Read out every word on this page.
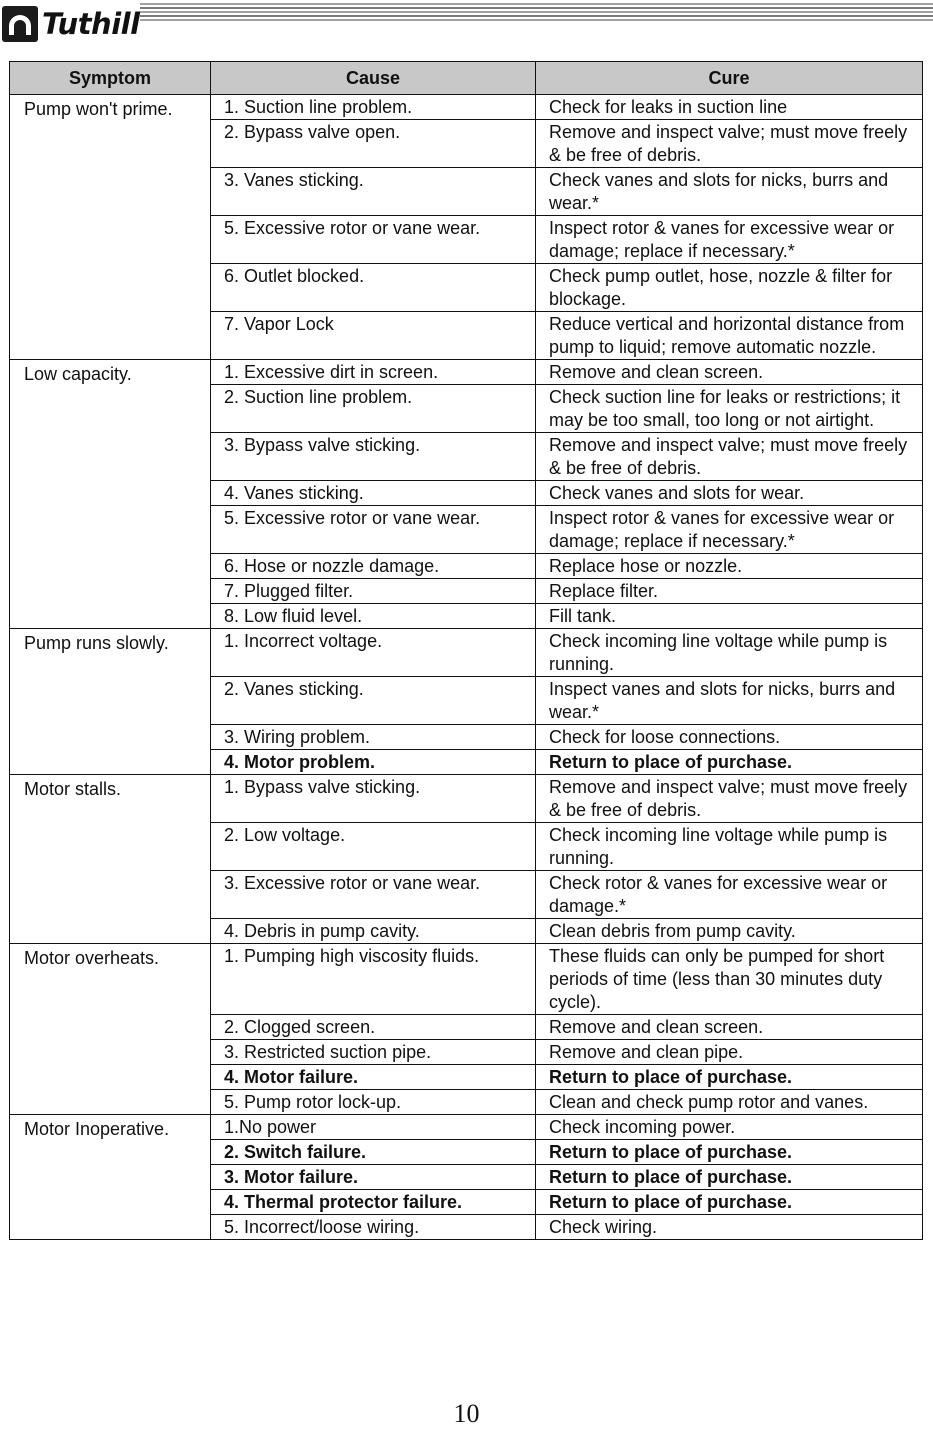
Tuthill
Symptom	Cause	Cure
Pump won't prime.	1. Suction line problem.	Check for leaks in suction line
	2. Bypass valve open.	Remove and inspect valve; must move freely & be free of debris.
	3. Vanes sticking.	Check vanes and slots for nicks, burrs and wear.*
	5. Excessive rotor or vane wear.	Inspect rotor & vanes for excessive wear or damage; replace if necessary.*
	6. Outlet blocked.	Check pump outlet, hose, nozzle & filter for blockage.
	7. Vapor Lock	Reduce vertical and horizontal distance from pump to liquid; remove automatic nozzle.
Low capacity.	1. Excessive dirt in screen.	Remove and clean screen.
	2. Suction line problem.	Check suction line for leaks or restrictions; it may be too small, too long or not airtight.
	3. Bypass valve sticking.	Remove and inspect valve; must move freely & be free of debris.
	4. Vanes sticking.	Check vanes and slots for wear.
	5. Excessive rotor or vane wear.	Inspect rotor & vanes for excessive wear or damage; replace if necessary.*
	6. Hose or nozzle damage.	Replace hose or nozzle.
	7. Plugged filter.	Replace filter.
	8. Low fluid level.	Fill tank.
Pump runs slowly.	1. Incorrect voltage.	Check incoming line voltage while pump is running.
	2. Vanes sticking.	Inspect vanes and slots for nicks, burrs and wear.*
	3. Wiring problem.	Check for loose connections.
	4. Motor problem.	Return to place of purchase.
Motor stalls.	1. Bypass valve sticking.	Remove and inspect valve; must move freely & be free of debris.
	2. Low voltage.	Check incoming line voltage while pump is running.
	3. Excessive rotor or vane wear.	Check rotor & vanes for excessive wear or damage.*
	4. Debris in pump cavity.	Clean debris from pump cavity.
Motor overheats.	1. Pumping high viscosity fluids.	These fluids can only be pumped for short periods of time (less than 30 minutes duty cycle).
	2. Clogged screen.	Remove and clean screen.
	3. Restricted suction pipe.	Remove and clean pipe.
	4. Motor failure.	Return to place of purchase.
	5. Pump rotor lock-up.	Clean and check pump rotor and vanes.
Motor Inoperative.	1.No power	Check incoming power.
	2. Switch failure.	Return to place of purchase.
	3. Motor failure.	Return to place of purchase.
	4. Thermal protector failure.	Return to place of purchase.
	5. Incorrect/loose wiring.	Check wiring.
10
